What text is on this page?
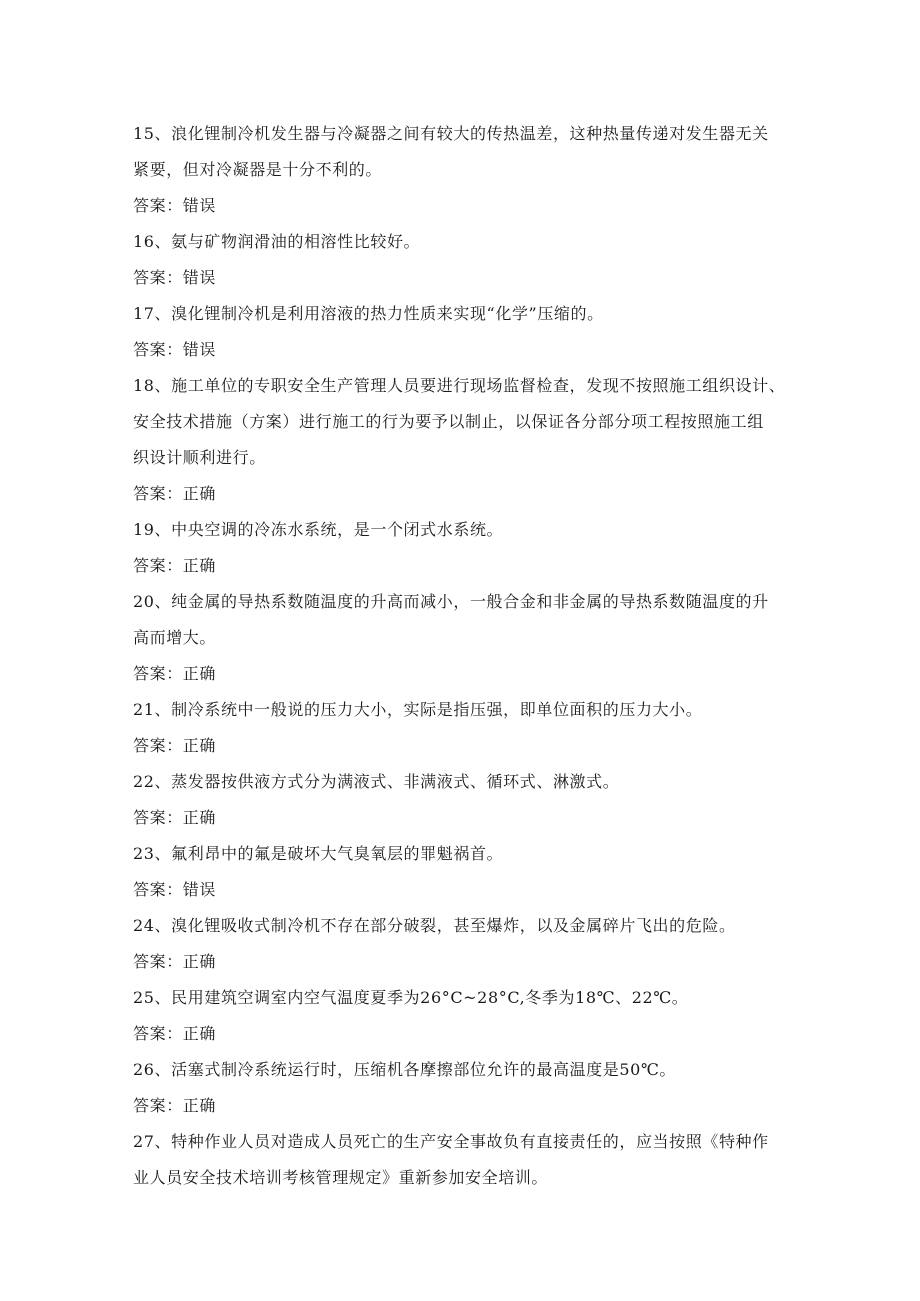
15、浪化锂制冷机发生器与冷凝器之间有较大的传热温差，这种热量传递对发生器无关
紧要，但对冷凝器是十分不利的。
答案：错误
16、氨与矿物润滑油的相溶性比较好。
答案：错误
17、溴化锂制冷机是利用溶液的热力性质来实现“化学”压缩的。
答案：错误
18、施工单位的专职安全生产管理人员要进行现场监督检查，发现不按照施工组织设计、
安全技术措施（方案）进行施工的行为要予以制止，以保证各分部分项工程按照施工组
织设计顺利进行。
答案：正确
19、中央空调的冷冻水系统，是一个闭式水系统。
答案：正确
20、纯金属的导热系数随温度的升高而减小，一般合金和非金属的导热系数随温度的升
高而增大。
答案：正确
21、制冷系统中一般说的压力大小，实际是指压强，即单位面积的压力大小。
答案：正确
22、蒸发器按供液方式分为满液式、非满液式、循环式、淋激式。
答案：正确
23、氟利昂中的氟是破坏大气臭氧层的罪魁祸首。
答案：错误
24、溴化锂吸收式制冷机不存在部分破裂，甚至爆炸，以及金属碎片飞出的危险。
答案：正确
25、民用建筑空调室内空气温度夏季为26°C~28°C,冬季为18℃、22℃。
答案：正确
26、活塞式制冷系统运行时，压缩机各摩擦部位允许的最高温度是50℃。
答案：正确
27、特种作业人员对造成人员死亡的生产安全事故负有直接责任的，应当按照《特种作
业人员安全技术培训考核管理规定》重新参加安全培训。
